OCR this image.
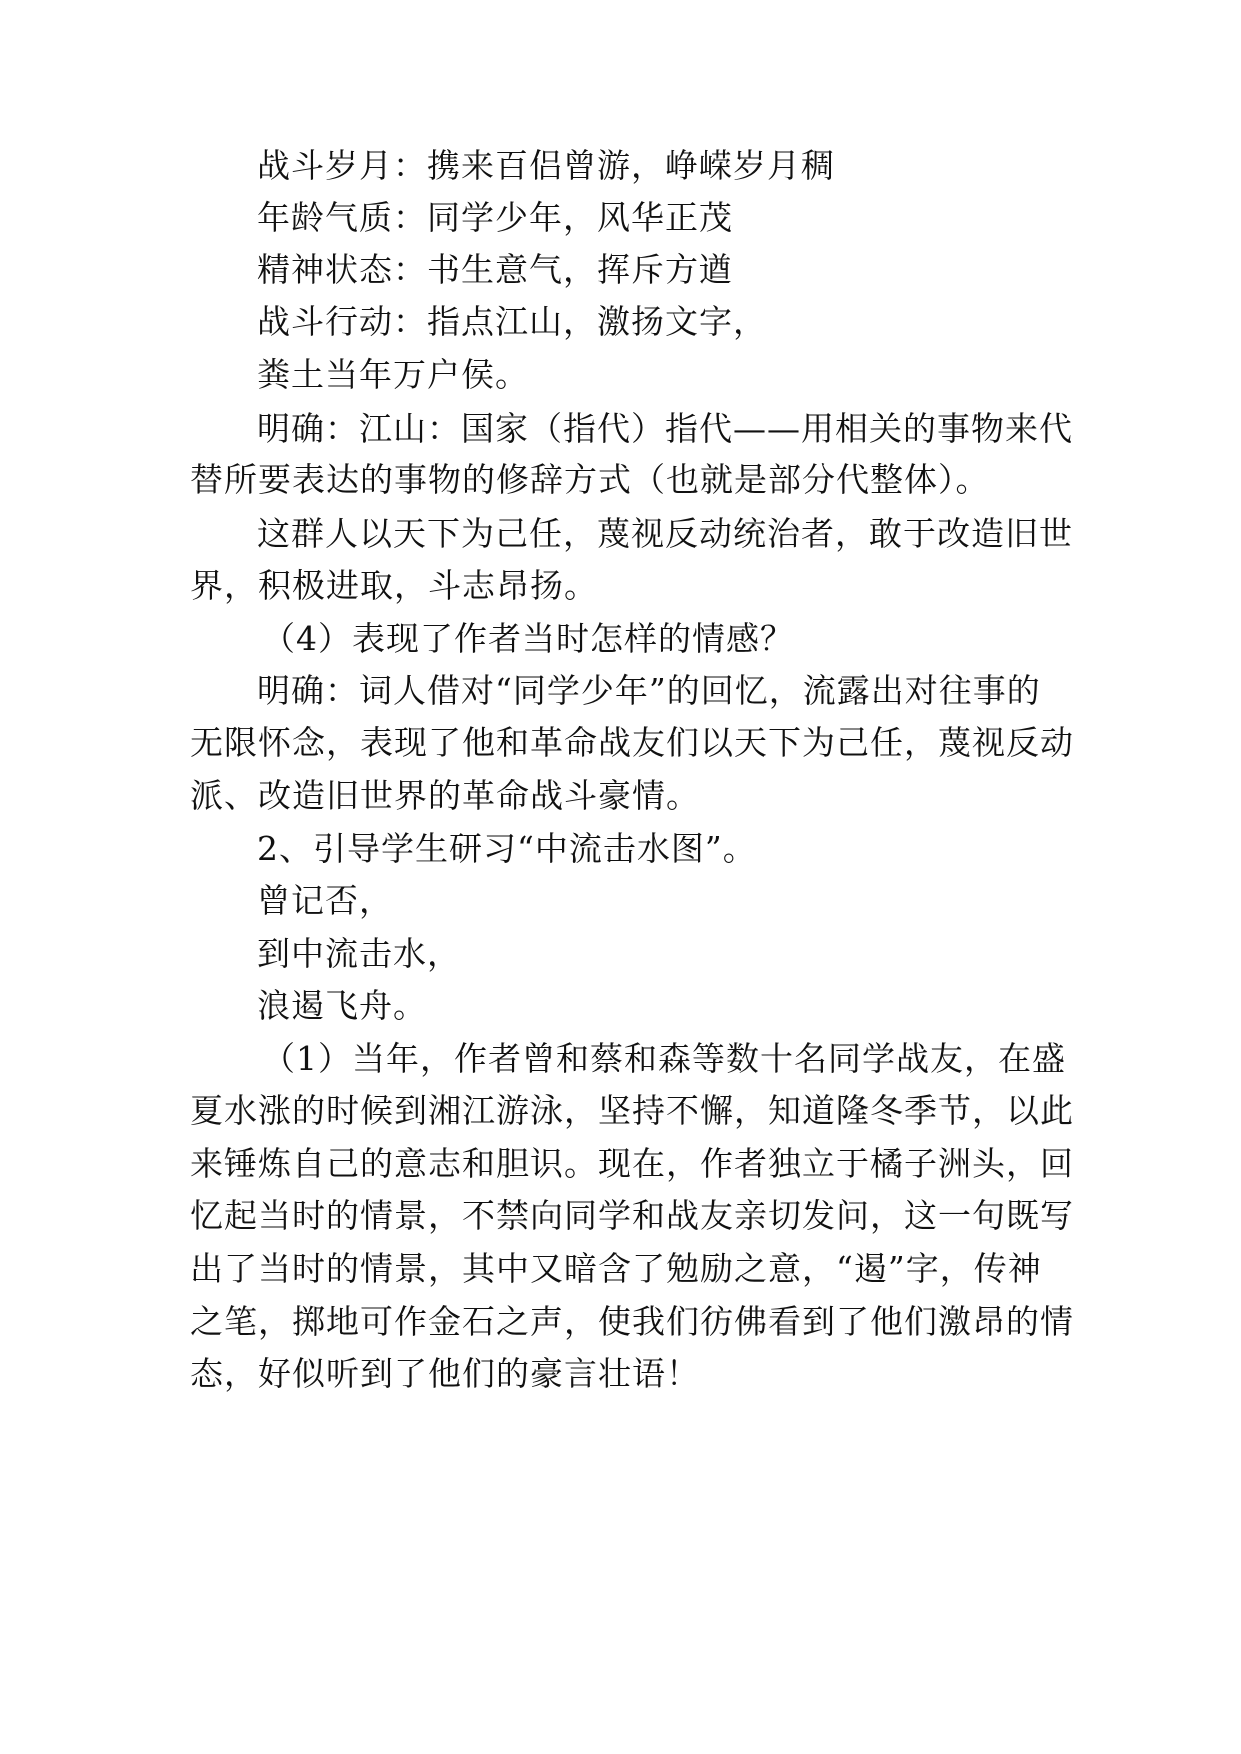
战斗岁月：携来百侣曾游，峥嵘岁月稠
年龄气质：同学少年，风华正茂
精神状态：书生意气，挥斥方遒
战斗行动：指点江山，激扬文字，
粪土当年万户侯。
明确：江山：国家（指代）指代——用相关的事物来代
替所要表达的事物的修辞方式（也就是部分代整体）。
这群人以天下为己任，蔑视反动统治者，敢于改造旧世
界，积极进取，斗志昂扬。
（4）表现了作者当时怎样的情感？
明确：词人借对“同学少年”的回忆，流露出对往事的
无限怀念，表现了他和革命战友们以天下为己任，蔑视反动
派、改造旧世界的革命战斗豪情。
2、引导学生研习“中流击水图”。
曾记否，
到中流击水，
浪遏飞舟。
（1）当年，作者曾和蔡和森等数十名同学战友，在盛
夏水涨的时候到湘江游泳，坚持不懈，知道隆冬季节，以此
来锤炼自己的意志和胆识。现在，作者独立于橘子洲头，回
忆起当时的情景，不禁向同学和战友亲切发问，这一句既写
出了当时的情景，其中又暗含了勉励之意，“遏”字，传神
之笔，掷地可作金石之声，使我们彷佛看到了他们激昂的情
态，好似听到了他们的豪言壮语！
